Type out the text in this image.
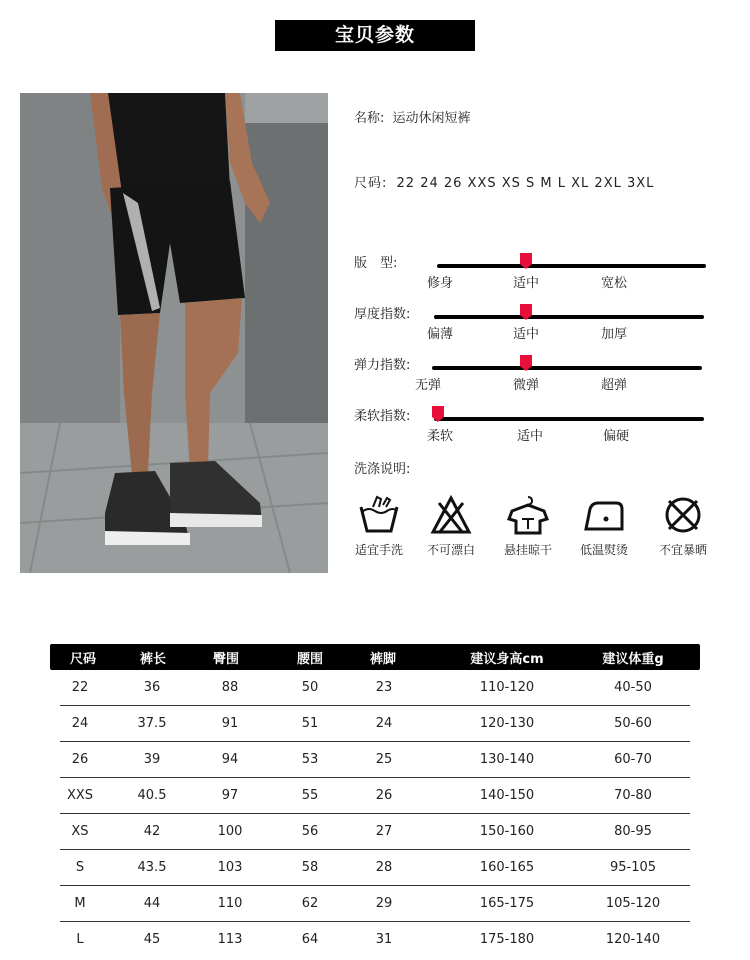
宝贝参数
名称: 运动休闲短裤
尺码: 22 24 26 XXS XS S M L XL 2XL 3XL
版　型:
修身	适中	宽松
厚度指数:
偏薄	适中	加厚
弹力指数:
无弹	微弹	超弹
柔软指数:
柔软	适中	偏硬
洗涤说明:
适宜手洗	不可漂白	悬挂晾干	低温熨烫	不宜暴晒
尺码	裤长	臀围	腰围	裤脚	建议身高cm	建议体重g
22	36	88	50	23	110-120	40-50
24	37.5	91	51	24	120-130	50-60
26	39	94	53	25	130-140	60-70
XXS	40.5	97	55	26	140-150	70-80
XS	42	100	56	27	150-160	80-95
S	43.5	103	58	28	160-165	95-105
M	44	110	62	29	165-175	105-120
L	45	113	64	31	175-180	120-140
